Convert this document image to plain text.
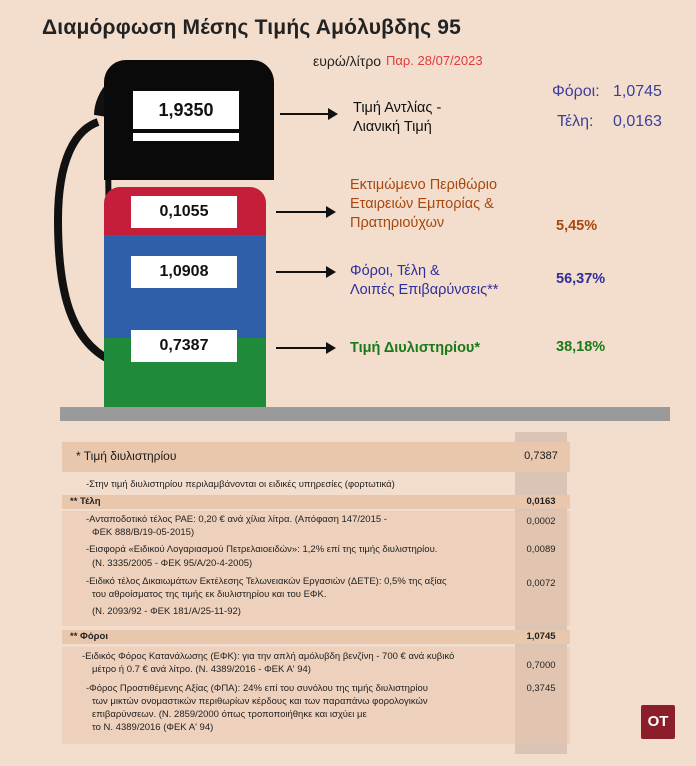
Διαμόρφωση Μέσης Τιμής Αμόλυβδης 95
ευρώ/λίτρο Παρ. 28/07/2023
Φόροι: 1,0745
Τέλη: 0,0163
1,9350
0,1055
1,0908
0,7387
Τιμή Αντλίας -
Λιανική Τιμή
Εκτιμώμενο Περιθώριο
Εταιρειών Εμπορίας &
Πρατηριούχων	5,45%
Φόροι, Τέλη &
Λοιπές Επιβαρύνσεις**
56,37%
Τιμή Διυλιστηρίου*	38,18%
* Τιμή διυλιστηρίου	0,7387
-Στην τιμή διυλιστηρίου περιλαμβάνονται οι ειδικές υπηρεσίες (φορτωτικά)
** Τέλη	0,0163
-Ανταποδοτικό τέλος ΡΑΕ: 0,20 € ανά χίλια λίτρα. (Απόφαση 147/2015 -
ΦΕΚ 888/Β/19-05-2015)
0,0002
-Εισφορά «Ειδικού Λογαριασμού Πετρελαιοειδών»: 1,2% επί της τιμής διυλιστηρίου.
(Ν. 3335/2005 - ΦΕΚ 95/Α/20-4-2005)
0,0089
-Ειδικό τέλος Δικαιωμάτων Εκτέλεσης Τελωνειακών Εργασιών (ΔΕΤΕ): 0,5% της αξίας
του αθροίσματος της τιμής εκ διυλιστηρίου και του ΕΦΚ.
(Ν. 2093/92 - ΦΕΚ 181/Α/25-11-92)
0,0072
** Φόροι	1,0745
-Ειδικός Φόρος Κατανάλωσης (ΕΦΚ): για την απλή αμόλυβδη βενζίνη - 700 € ανά κυβικό
μέτρο ή 0.7 € ανά λίτρο. (Ν. 4389/2016 - ΦΕΚ Α' 94)	0,7000
-Φόρος Προστιθέμενης Αξίας (ΦΠΑ): 24% επί του συνόλου της τιμής διυλιστηρίου
των μικτών ονομαστικών περιθωρίων κέρδους και των παραπάνω φορολογικών
επιβαρύνσεων. (Ν. 2859/2000 όπως τροποποιήθηκε και ισχύει με
το Ν. 4389/2016 (ΦΕΚ Α' 94)
0,3745
OT
